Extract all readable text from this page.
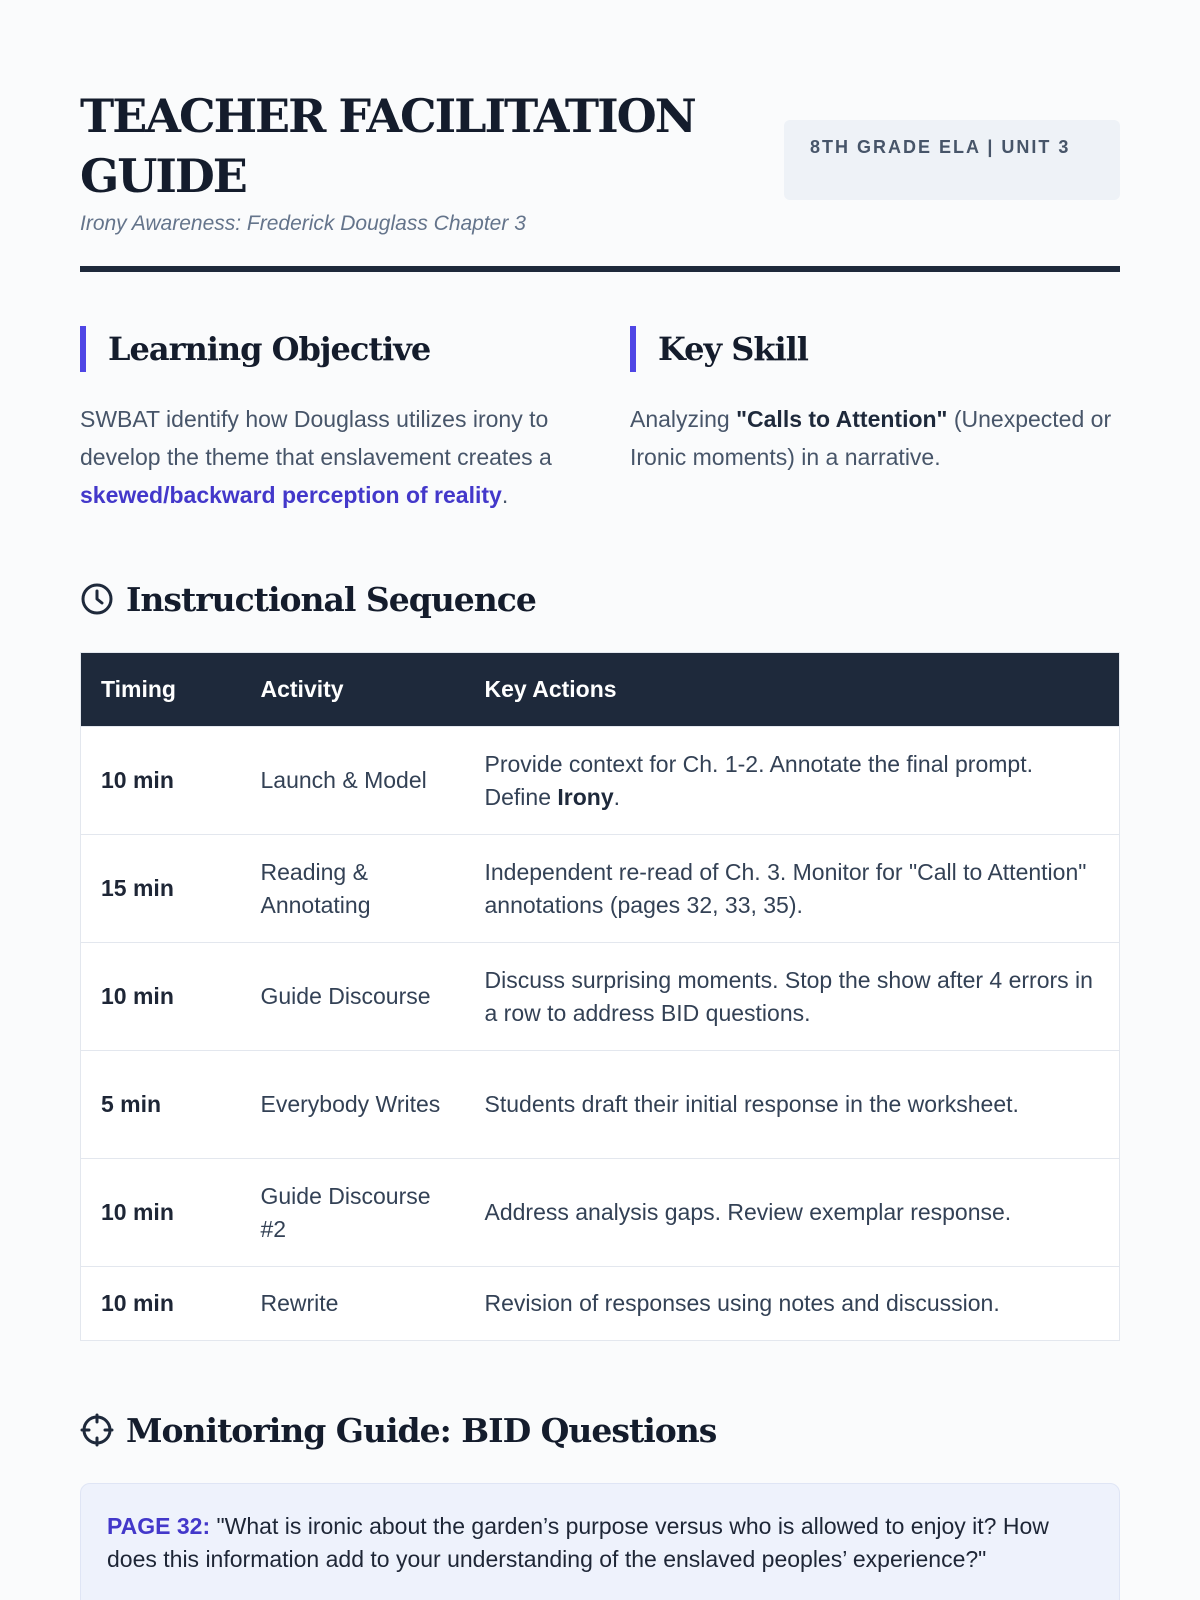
TEACHER FACILITATION GUIDE
Irony Awareness: Frederick Douglass Chapter 3
8TH GRADE ELA | UNIT 3
Learning Objective

SWBAT identify how Douglass utilizes irony to develop the theme that enslavement creates a skewed/backward perception of reality.

Key Skill

Analyzing "Calls to Attention" (Unexpected or Ironic moments) in a narrative.

Instructional Sequence
Timing	Activity	Key Actions
10 min	Launch & Model	Provide context for Ch. 1-2. Annotate the final prompt. Define Irony.
15 min	Reading & Annotating	Independent re-read of Ch. 3. Monitor for "Call to Attention" annotations (pages 32, 33, 35).
10 min	Guide Discourse	Discuss surprising moments. Stop the show after 4 errors in a row to address BID questions.
5 min	Everybody Writes	Students draft their initial response in the worksheet.
10 min	Guide Discourse #2	Address analysis gaps. Review exemplar response.
10 min	Rewrite	Revision of responses using notes and discussion.
Monitoring Guide: BID Questions
PAGE 32: "What is ironic about the garden’s purpose versus who is allowed to enjoy it? How does this information add to your understanding of the enslaved peoples’ experience?"
